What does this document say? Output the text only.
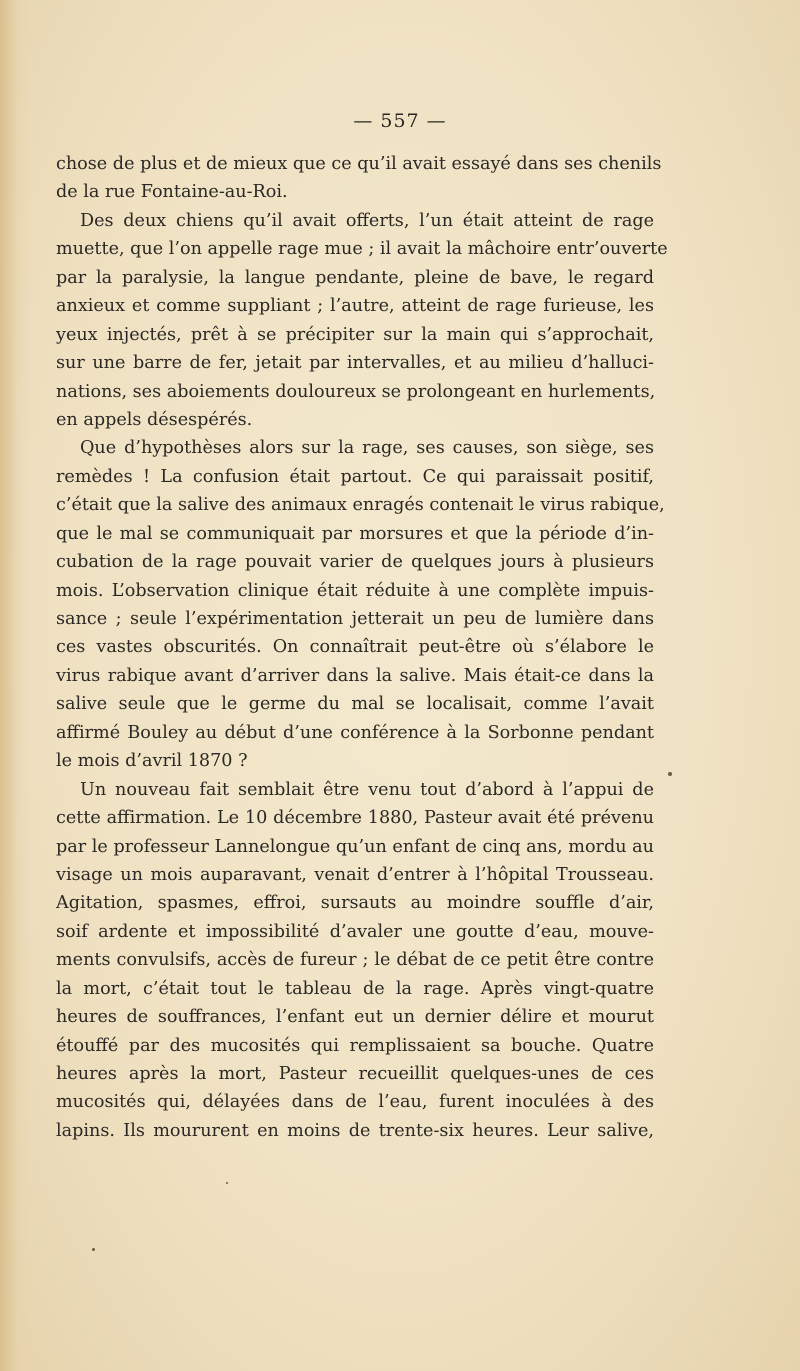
— 557 —
chose de plus et de mieux que ce qu’il avait essayé dans ses chenils
de la rue Fontaine-au-Roi.
Des deux chiens qu’il avait offerts, l’un était atteint de rage
muette, que l’on appelle rage mue ; il avait la mâchoire entr’ouverte
par la paralysie, la langue pendante, pleine de bave, le regard
anxieux et comme suppliant ; l’autre, atteint de rage furieuse, les
yeux injectés, prêt à se précipiter sur la main qui s’approchait,
sur une barre de fer, jetait par intervalles, et au milieu d’halluci-
nations, ses aboiements douloureux se prolongeant en hurlements,
en appels désespérés.
Que d’hypothèses alors sur la rage, ses causes, son siège, ses
remèdes ! La confusion était partout. Ce qui paraissait positif,
c’était que la salive des animaux enragés contenait le virus rabique,
que le mal se communiquait par morsures et que la période d’in-
cubation de la rage pouvait varier de quelques jours à plusieurs
mois. L’observation clinique était réduite à une complète impuis-
sance ; seule l’expérimentation jetterait un peu de lumière dans
ces vastes obscurités. On connaîtrait peut-être où s’élabore le
virus rabique avant d’arriver dans la salive. Mais était-ce dans la
salive seule que le germe du mal se localisait, comme l’avait
affirmé Bouley au début d’une conférence à la Sorbonne pendant
le mois d’avril 1870 ?
Un nouveau fait semblait être venu tout d’abord à l’appui de
cette affirmation. Le 10 décembre 1880, Pasteur avait été prévenu
par le professeur Lannelongue qu’un enfant de cinq ans, mordu au
visage un mois auparavant, venait d’entrer à l’hôpital Trousseau.
Agitation, spasmes, effroi, sursauts au moindre souffle d’air,
soif ardente et impossibilité d’avaler une goutte d’eau, mouve-
ments convulsifs, accès de fureur ; le débat de ce petit être contre
la mort, c’était tout le tableau de la rage. Après vingt-quatre
heures de souffrances, l’enfant eut un dernier délire et mourut
étouffé par des mucosités qui remplissaient sa bouche. Quatre
heures après la mort, Pasteur recueillit quelques-unes de ces
mucosités qui, délayées dans de l’eau, furent inoculées à des
lapins. Ils moururent en moins de trente-six heures. Leur salive,
